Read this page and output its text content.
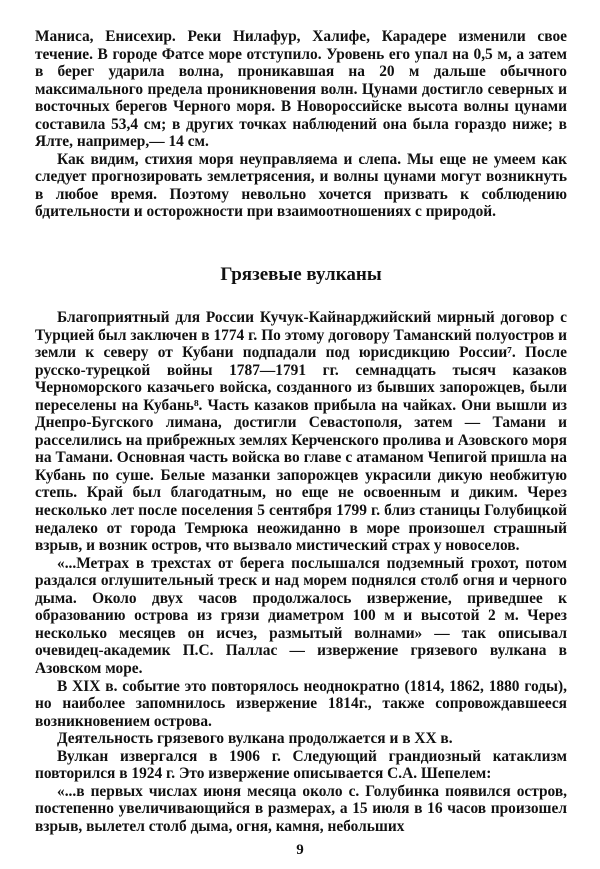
Маниса, Енисехир. Реки Нилафур, Халифе, Карадере изменили свое течение. В городе Фатсе море отступило. Уровень его упал на 0,5 м, а затем в берег ударила волна, проникавшая на 20 м дальше обычного максимального предела проникновения волн. Цунами достигло северных и восточных берегов Черного моря. В Новороссийске высота волны цунами составила 53,4 см; в других точках наблюдений она была гораздо ниже; в Ялте, например,— 14 см.

Как видим, стихия моря неуправляема и слепа. Мы еще не умеем как следует прогнозировать землетрясения, и волны цунами могут возникнуть в любое время. Поэтому невольно хочется призвать к соблюдению бдительности и осторожности при взаимоотношениях с природой.

Грязевые вулканы

Благоприятный для России Кучук-Кайнарджийский мирный договор с Турцией был заключен в 1774 г. По этому договору Таманский полуостров и земли к северу от Кубани подпадали под юрисдикцию России⁷. После русско-турецкой войны 1787—1791 гг. семнадцать тысяч казаков Черноморского казачьего войска, созданного из бывших запорожцев, были переселены на Кубань⁸. Часть казаков прибыла на чайках. Они вышли из Днепро-Бугского лимана, достигли Севастополя, затем — Тамани и расселились на прибрежных землях Керченского пролива и Азовского моря на Тамани. Основная часть войска во главе с атаманом Чепигой пришла на Кубань по суше. Белые мазанки запорожцев украсили дикую необжитую степь. Край был благодатным, но еще не освоенным и диким. Через несколько лет после поселения 5 сентября 1799 г. близ станицы Голубицкой недалеко от города Темрюка неожиданно в море произошел страшный взрыв, и возник остров, что вызвало мистический страх у новоселов.

«...Метрах в трехстах от берега послышался подземный грохот, потом раздался оглушительный треск и над морем поднялся столб огня и черного дыма. Около двух часов продолжалось извержение, приведшее к образованию острова из грязи диаметром 100 м и высотой 2 м. Через несколько месяцев он исчез, размытый волнами» — так описывал очевидец-академик П.С. Паллас — извержение грязевого вулкана в Азовском море.

В XIX в. событие это повторялось неоднократно (1814, 1862, 1880 годы), но наиболее запомнилось извержение 1814г., также сопровождавшееся возникновением острова.

Деятельность грязевого вулкана продолжается и в XX в.

Вулкан извергался в 1906 г. Следующий грандиозный катаклизм повторился в 1924 г. Это извержение описывается С.А. Шепелем:

«...в первых числах июня месяца около с. Голубинка появился остров, постепенно увеличивающийся в размерах, а 15 июля в 16 часов произошел взрыв, вылетел столб дыма, огня, камня, небольших

9
